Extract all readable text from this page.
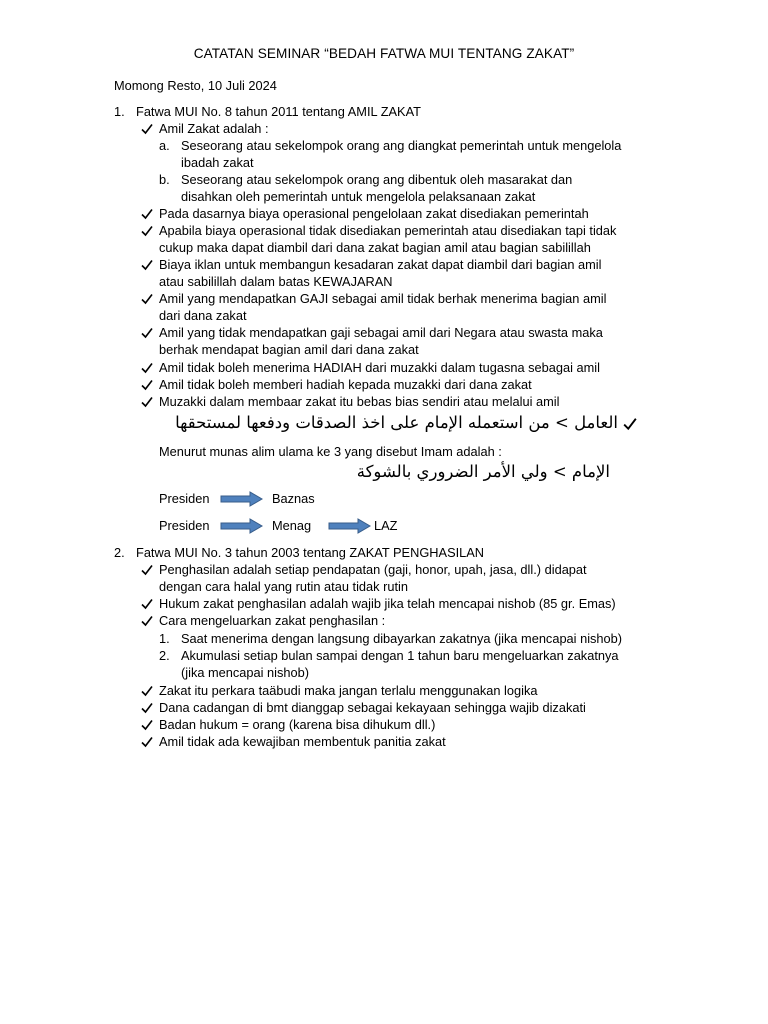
CATATAN SEMINAR “BEDAH FATWA MUI TENTANG ZAKAT”
Momong Resto, 10 Juli 2024
1. Fatwa MUI No. 8 tahun 2011 tentang AMIL ZAKAT
Amil Zakat adalah :
a. Seseorang atau sekelompok orang ang diangkat pemerintah untuk mengelola
ibadah zakat
b. Seseorang atau sekelompok orang ang dibentuk oleh masarakat dan
disahkan oleh pemerintah untuk mengelola pelaksanaan zakat
Pada dasarnya biaya operasional pengelolaan zakat disediakan pemerintah
Apabila biaya operasional tidak disediakan pemerintah atau disediakan tapi tidak
cukup maka dapat diambil dari dana zakat bagian amil atau bagian sabilillah
Biaya iklan untuk membangun kesadaran zakat dapat diambil dari bagian amil
atau sabilillah dalam batas KEWAJARAN
Amil yang mendapatkan GAJI sebagai amil tidak berhak menerima bagian amil
dari dana zakat
Amil yang tidak mendapatkan gaji sebagai amil dari Negara atau swasta maka
berhak mendapat bagian amil dari dana zakat
Amil tidak boleh menerima HADIAH dari muzakki dalam tugasna sebagai amil
Amil tidak boleh memberi hadiah kepada muzakki dari dana zakat
Muzakki dalam membaar zakat itu bebas bias sendiri atau melalui amil
العامل > من استعمله الإمام على اخذ الصدقات ودفعها لمستحقها
Menurut munas alim ulama ke 3 yang disebut Imam adalah :
الإمام > ولي الأمر الضروري بالشوكة
Presiden	Baznas
Presiden	Menag	LAZ
2. Fatwa MUI No. 3 tahun 2003 tentang ZAKAT PENGHASILAN
Penghasilan adalah setiap pendapatan (gaji, honor, upah, jasa, dll.) didapat
dengan cara halal yang rutin atau tidak rutin
Hukum zakat penghasilan adalah wajib jika telah mencapai nishob (85 gr. Emas)
Cara mengeluarkan zakat penghasilan :
1. Saat menerima dengan langsung dibayarkan zakatnya (jika mencapai nishob)
2. Akumulasi setiap bulan sampai dengan 1 tahun baru mengeluarkan zakatnya
(jika mencapai nishob)
Zakat itu perkara taäbudi maka jangan terlalu menggunakan logika
Dana cadangan di bmt dianggap sebagai kekayaan sehingga wajib dizakati
Badan hukum = orang (karena bisa dihukum dll.)
Amil tidak ada kewajiban membentuk panitia zakat
